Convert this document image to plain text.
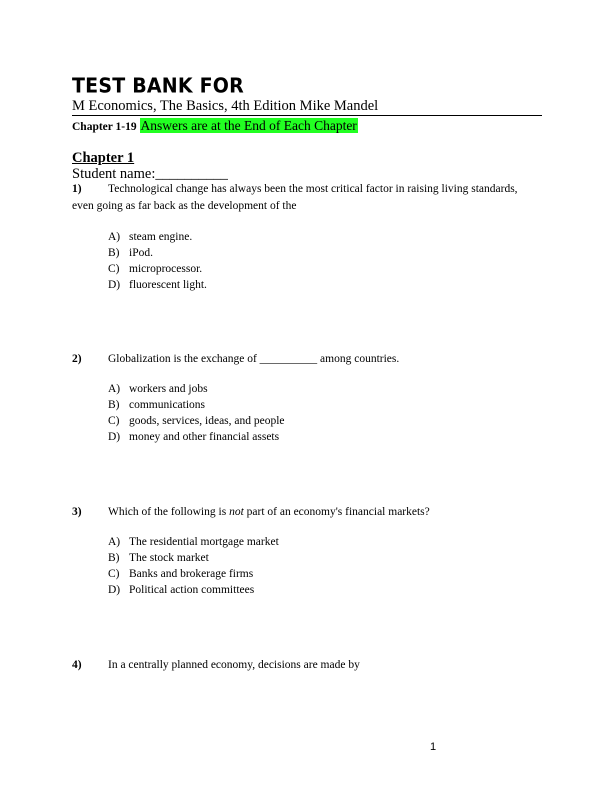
TEST BANK FOR
M Economics, The Basics, 4th Edition Mike Mandel
Chapter 1-19 Answers are at the End of Each Chapter
Chapter 1
Student name:__________
1) Technological change has always been the most critical factor in raising living standards,
even going as far back as the development of the
A) steam engine.
B) iPod.
C) microprocessor.
D) fluorescent light.
2) Globalization is the exchange of __________ among countries.
A) workers and jobs
B) communications
C) goods, services, ideas, and people
D) money and other financial assets
3) Which of the following is not part of an economy's financial markets?
A) The residential mortgage market
B) The stock market
C) Banks and brokerage firms
D) Political action committees
4) In a centrally planned economy, decisions are made by
1
